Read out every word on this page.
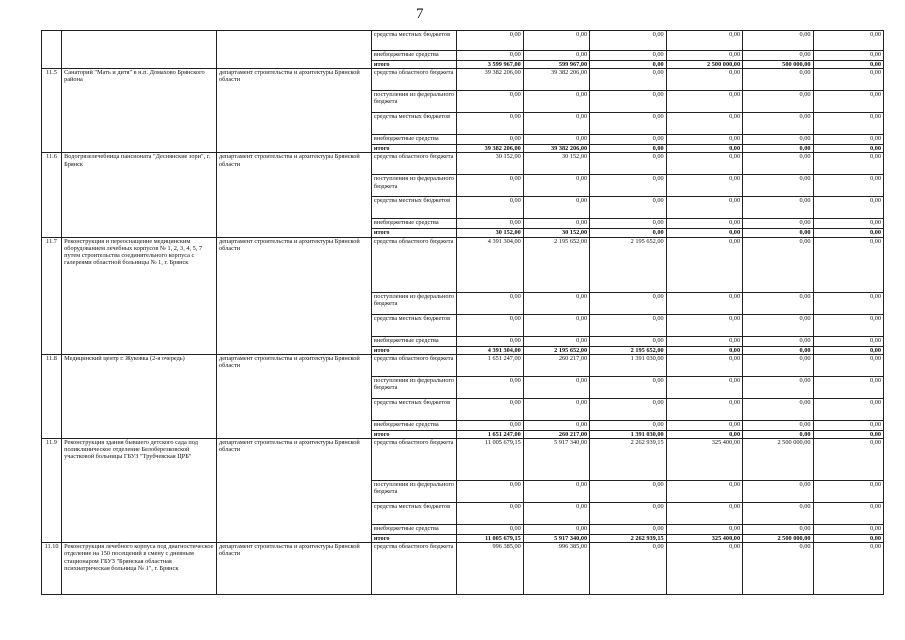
7
			средства местных бюджетов	0,00	0,00	0,00	0,00	0,00	0,00
			внебюджетные средства	0,00	0,00	0,00	0,00	0,00	0,00
			итого	3 599 967,00	599 967,00	0,00	2 500 000,00	500 000,00	0,00
11.5	Санаторий "Мать и дитя" в н.п. Домахово Брянского района	департамент строительства и архитектуры Брянской области	средства областного бюджета	39 382 206,00	39 382 206,00	0,00	0,00	0,00	0,00
			поступления из федерального бюджета	0,00	0,00	0,00	0,00	0,00	0,00
			средства местных бюджетов	0,00	0,00	0,00	0,00	0,00	0,00
			внебюджетные средства	0,00	0,00	0,00	0,00	0,00	0,00
			итого	39 382 206,00	39 382 206,00	0,00	0,00	0,00	0,00
11.6	Водогрязелечебница пансионата "Деснянские зори", г. Брянск	департамент строительства и архитектуры Брянской области	средства областного бюджета	30 152,00	30 152,00	0,00	0,00	0,00	0,00
			поступления из федерального бюджета	0,00	0,00	0,00	0,00	0,00	0,00
			средства местных бюджетов	0,00	0,00	0,00	0,00	0,00	0,00
			внебюджетные средства	0,00	0,00	0,00	0,00	0,00	0,00
			итого	30 152,00	30 152,00	0,00	0,00	0,00	0,00
11.7	Реконструкция и переоснащение медицинским оборудованием лечебных корпусов № 1, 2, 3, 4, 5, 7 путем строительства соединительного корпуса с галереями областной больницы № 1, г. Брянск	департамент строительства и архитектуры Брянской области	средства областного бюджета	4 391 304,00	2 195 652,00	2 195 652,00	0,00	0,00	0,00
			поступления из федерального бюджета	0,00	0,00	0,00	0,00	0,00	0,00
			средства местных бюджетов	0,00	0,00	0,00	0,00	0,00	0,00
			внебюджетные средства	0,00	0,00	0,00	0,00	0,00	0,00
			итого	4 391 304,00	2 195 652,00	2 195 652,00	0,00	0,00	0,00
11.8	Медицинский центр г. Жуковка (2-я очередь)	департамент строительства и архитектуры Брянской области	средства областного бюджета	1 651 247,00	260 217,00	1 391 030,00	0,00	0,00	0,00
			поступления из федерального бюджета	0,00	0,00	0,00	0,00	0,00	0,00
			средства местных бюджетов	0,00	0,00	0,00	0,00	0,00	0,00
			внебюджетные средства	0,00	0,00	0,00	0,00	0,00	0,00
			итого	1 651 247,00	260 217,00	1 391 030,00	0,00	0,00	0,00
11.9	Реконструкция здания бывшего детского сада под поликлиническое отделение Белоберезковской участковой больницы ГБУЗ "Трубчевская ЦРБ"	департамент строительства и архитектуры Брянской области	средства областного бюджета	11 005 679,15	5 917 340,00	2 262 939,15	325 400,00	2 500 000,00	0,00
			поступления из федерального бюджета	0,00	0,00	0,00	0,00	0,00	0,00
			средства местных бюджетов	0,00	0,00	0,00	0,00	0,00	0,00
			внебюджетные средства	0,00	0,00	0,00	0,00	0,00	0,00
			итого	11 005 679,15	5 917 340,00	2 262 939,15	325 400,00	2 500 000,00	0,00
11.10	Реконструкция лечебного корпуса под диагностическое отделение на 150 посещений в смену с дневным стационаром ГБУЗ "Брянская областная психиатрическая больница № 1", г. Брянск	департамент строительства и архитектуры Брянской области	средства областного бюджета	996 385,00	996 385,00	0,00	0,00	0,00	0,00
